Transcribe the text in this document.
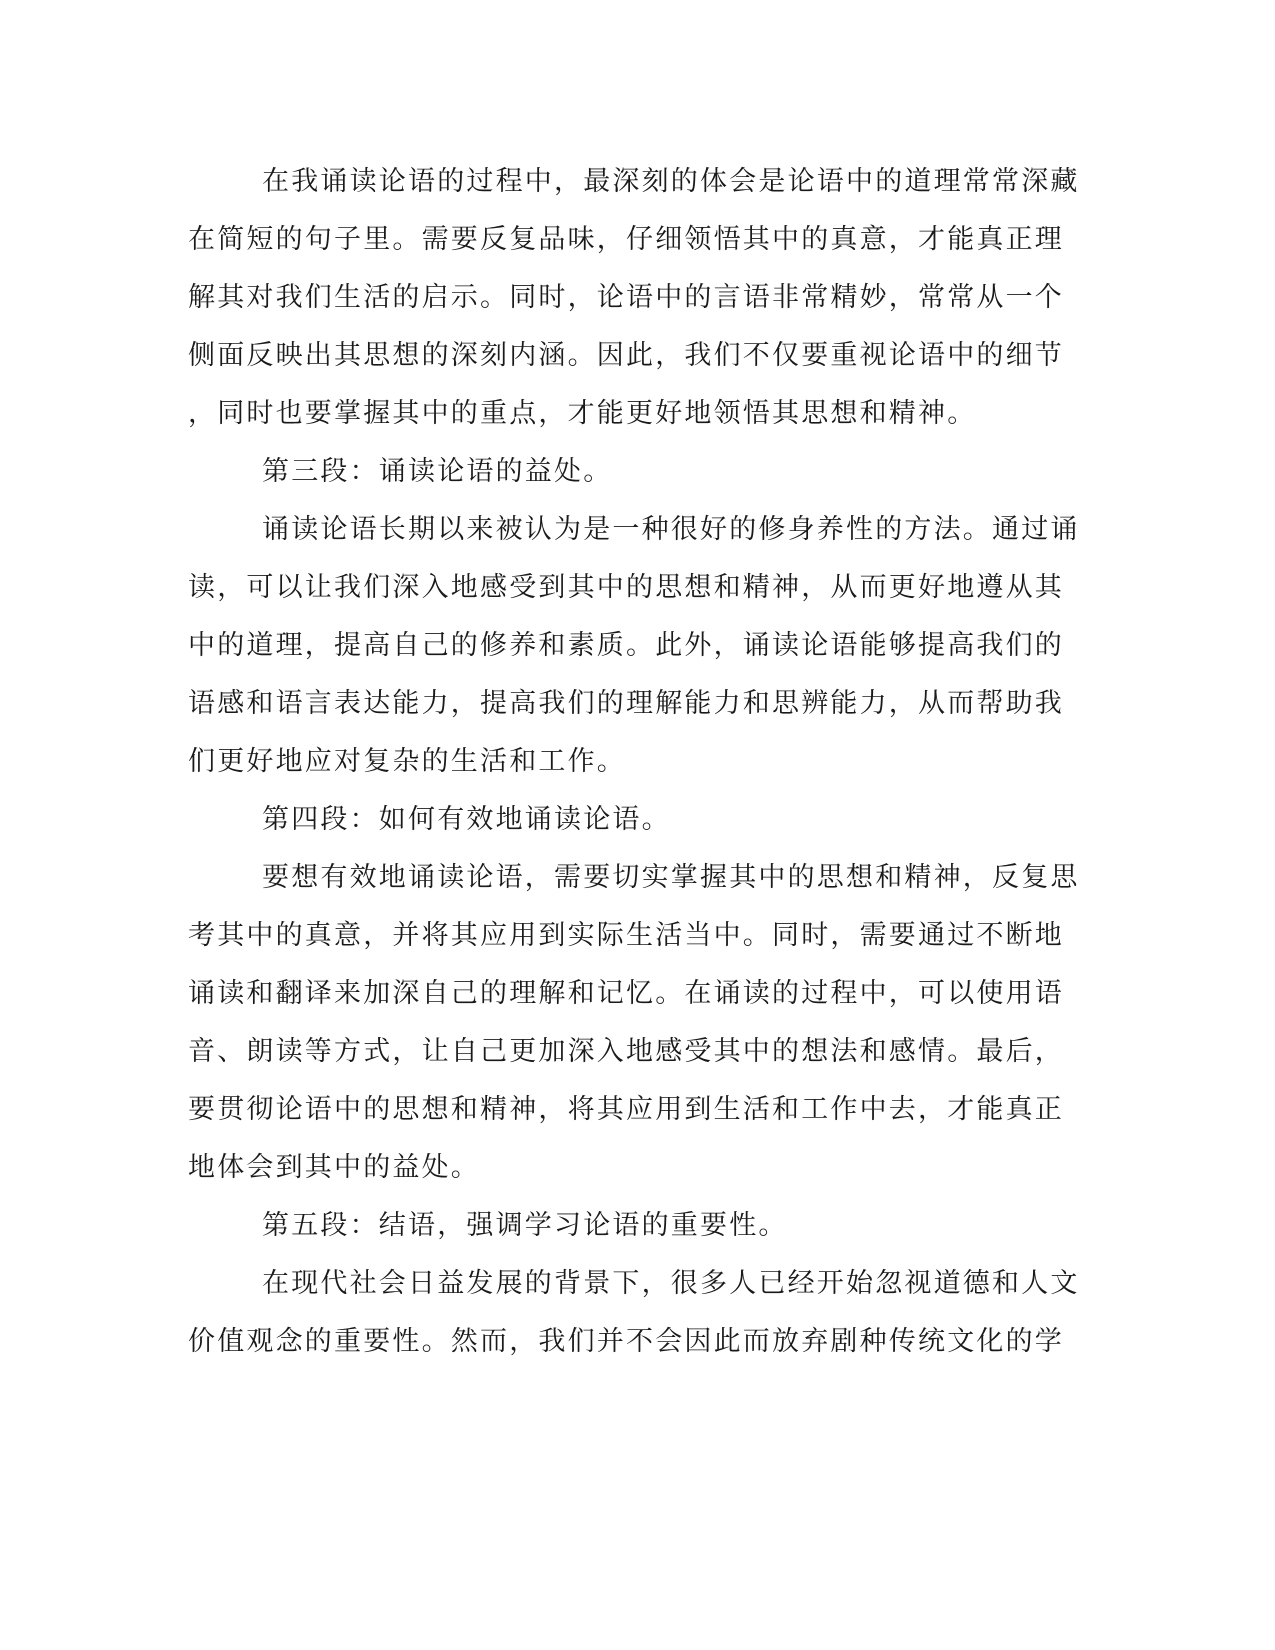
在我诵读论语的过程中，最深刻的体会是论语中的道理常常深藏

在简短的句子里。需要反复品味，仔细领悟其中的真意，才能真正理

解其对我们生活的启示。同时，论语中的言语非常精妙，常常从一个

侧面反映出其思想的深刻内涵。因此，我们不仅要重视论语中的细节

，同时也要掌握其中的重点，才能更好地领悟其思想和精神。

第三段：诵读论语的益处。

诵读论语长期以来被认为是一种很好的修身养性的方法。通过诵

读，可以让我们深入地感受到其中的思想和精神，从而更好地遵从其

中的道理，提高自己的修养和素质。此外，诵读论语能够提高我们的

语感和语言表达能力，提高我们的理解能力和思辨能力，从而帮助我

们更好地应对复杂的生活和工作。

第四段：如何有效地诵读论语。

要想有效地诵读论语，需要切实掌握其中的思想和精神，反复思

考其中的真意，并将其应用到实际生活当中。同时，需要通过不断地

诵读和翻译来加深自己的理解和记忆。在诵读的过程中，可以使用语

音、朗读等方式，让自己更加深入地感受其中的想法和感情。最后，

要贯彻论语中的思想和精神，将其应用到生活和工作中去，才能真正

地体会到其中的益处。

第五段：结语，强调学习论语的重要性。

在现代社会日益发展的背景下，很多人已经开始忽视道德和人文

价值观念的重要性。然而，我们并不会因此而放弃剧种传统文化的学
